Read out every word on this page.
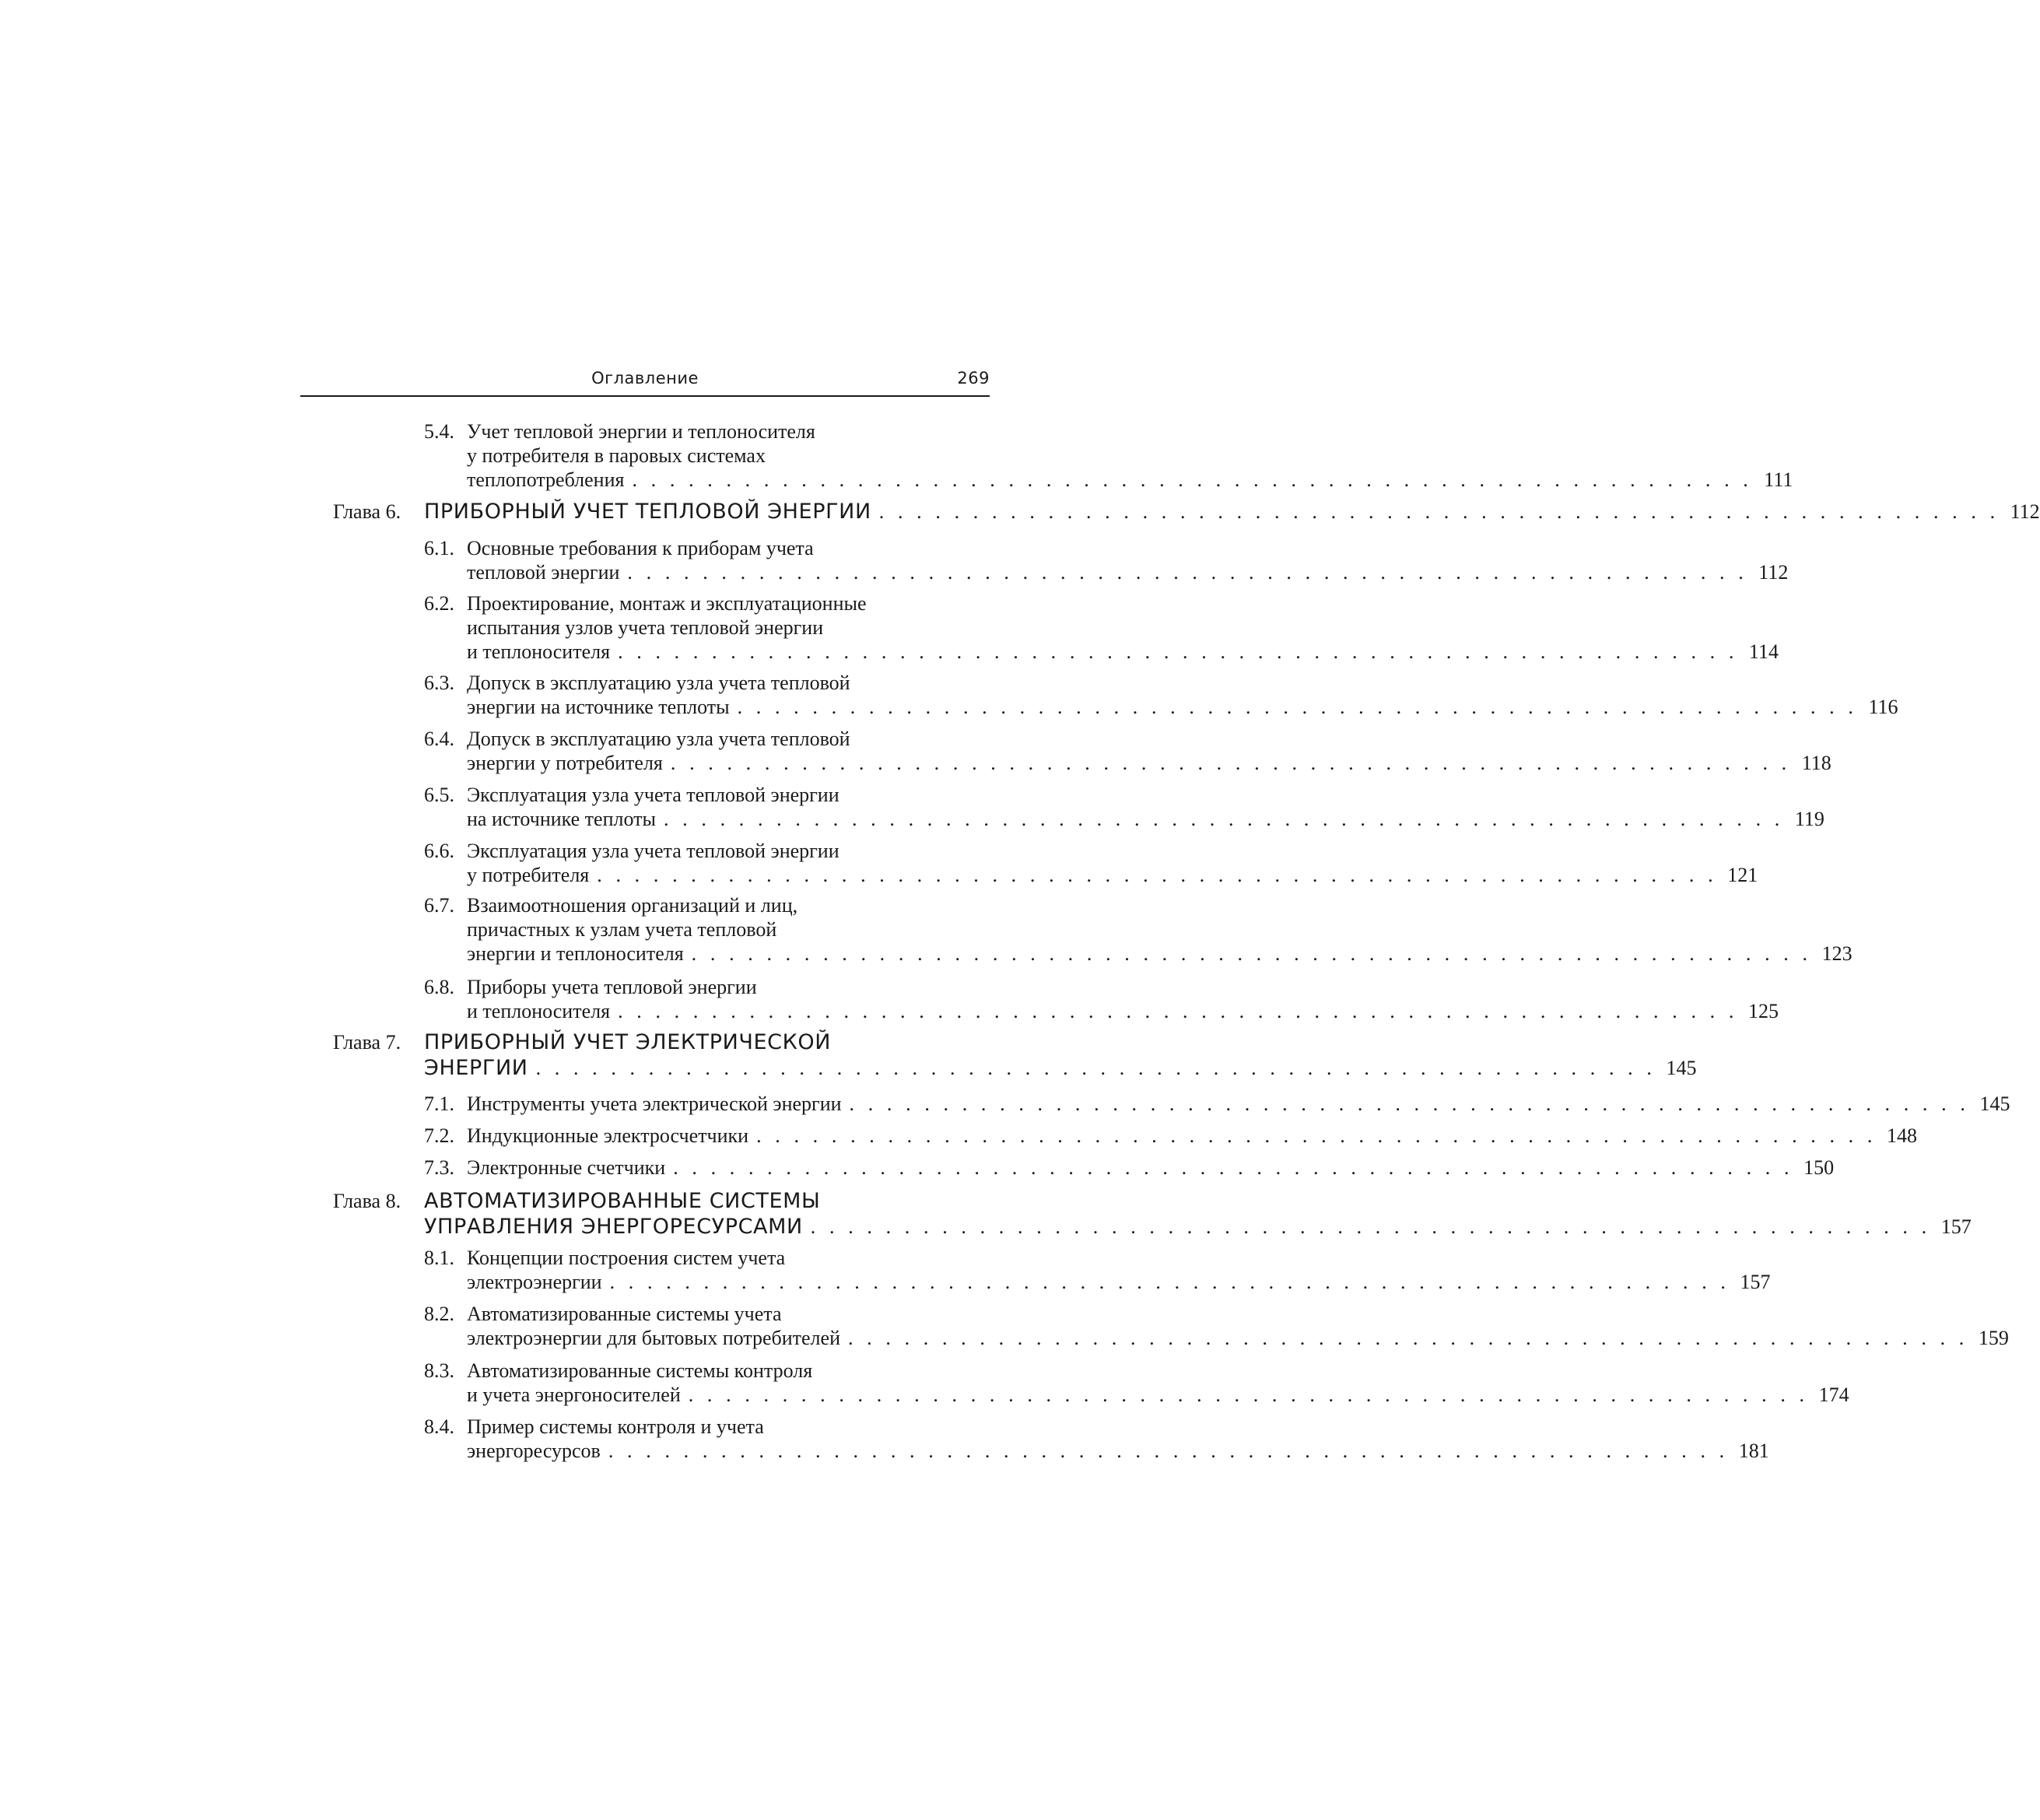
Оглавление	269
5.4. Учет тепловой энергии и теплоносителя
у потребителя в паровых системах
теплопотребления . . . . . . . . . . . . . . . . . . . . . . . . . . . . . . . . . . . . . . . . . . . . . . . . . . . . . . . . . . . . 111
Глава 6. ПРИБОРНЫЙ УЧЕТ ТЕПЛОВОЙ ЭНЕРГИИ . . . . . . . . . . . . . . . . . . . . . . . . . . . . . . . . . . . . . . . . . . . . . . . . . . . . . . . . . . . . 112
6.1. Основные требования к приборам учета
тепловой энергии . . . . . . . . . . . . . . . . . . . . . . . . . . . . . . . . . . . . . . . . . . . . . . . . . . . . . . . . . . . . 112
6.2. Проектирование, монтаж и эксплуатационные
испытания узлов учета тепловой энергии
и теплоносителя . . . . . . . . . . . . . . . . . . . . . . . . . . . . . . . . . . . . . . . . . . . . . . . . . . . . . . . . . . . . 114
6.3. Допуск в эксплуатацию узла учета тепловой
энергии на источнике теплоты . . . . . . . . . . . . . . . . . . . . . . . . . . . . . . . . . . . . . . . . . . . . . . . . . . . . . . . . . . . . 116
6.4. Допуск в эксплуатацию узла учета тепловой
энергии у потребителя . . . . . . . . . . . . . . . . . . . . . . . . . . . . . . . . . . . . . . . . . . . . . . . . . . . . . . . . . . . . 118
6.5. Эксплуатация узла учета тепловой энергии
на источнике теплоты . . . . . . . . . . . . . . . . . . . . . . . . . . . . . . . . . . . . . . . . . . . . . . . . . . . . . . . . . . . . 119
6.6. Эксплуатация узла учета тепловой энергии
у потребителя . . . . . . . . . . . . . . . . . . . . . . . . . . . . . . . . . . . . . . . . . . . . . . . . . . . . . . . . . . . . 121
6.7. Взаимоотношения организаций и лиц,
причастных к узлам учета тепловой
энергии и теплоносителя . . . . . . . . . . . . . . . . . . . . . . . . . . . . . . . . . . . . . . . . . . . . . . . . . . . . . . . . . . . . 123
6.8. Приборы учета тепловой энергии
и теплоносителя . . . . . . . . . . . . . . . . . . . . . . . . . . . . . . . . . . . . . . . . . . . . . . . . . . . . . . . . . . . . 125
Глава 7. ПРИБОРНЫЙ УЧЕТ ЭЛЕКТРИЧЕСКОЙ
ЭНЕРГИИ . . . . . . . . . . . . . . . . . . . . . . . . . . . . . . . . . . . . . . . . . . . . . . . . . . . . . . . . . . . . 145
7.1. Инструменты учета электрической энергии . . . . . . . . . . . . . . . . . . . . . . . . . . . . . . . . . . . . . . . . . . . . . . . . . . . . . . . . . . . . 145
7.2. Индукционные электросчетчики . . . . . . . . . . . . . . . . . . . . . . . . . . . . . . . . . . . . . . . . . . . . . . . . . . . . . . . . . . . . 148
7.3. Электронные счетчики . . . . . . . . . . . . . . . . . . . . . . . . . . . . . . . . . . . . . . . . . . . . . . . . . . . . . . . . . . . . 150
Глава 8. АВТОМАТИЗИРОВАННЫЕ СИСТЕМЫ
УПРАВЛЕНИЯ ЭНЕРГОРЕСУРСАМИ . . . . . . . . . . . . . . . . . . . . . . . . . . . . . . . . . . . . . . . . . . . . . . . . . . . . . . . . . . . . 157
8.1. Концепции построения систем учета
электроэнергии . . . . . . . . . . . . . . . . . . . . . . . . . . . . . . . . . . . . . . . . . . . . . . . . . . . . . . . . . . . . 157
8.2. Автоматизированные системы учета
электроэнергии для бытовых потребителей . . . . . . . . . . . . . . . . . . . . . . . . . . . . . . . . . . . . . . . . . . . . . . . . . . . . . . . . . . . . 159
8.3. Автоматизированные системы контроля
и учета энергоносителей . . . . . . . . . . . . . . . . . . . . . . . . . . . . . . . . . . . . . . . . . . . . . . . . . . . . . . . . . . . . 174
8.4. Пример системы контроля и учета
энергоресурсов . . . . . . . . . . . . . . . . . . . . . . . . . . . . . . . . . . . . . . . . . . . . . . . . . . . . . . . . . . . . 181
